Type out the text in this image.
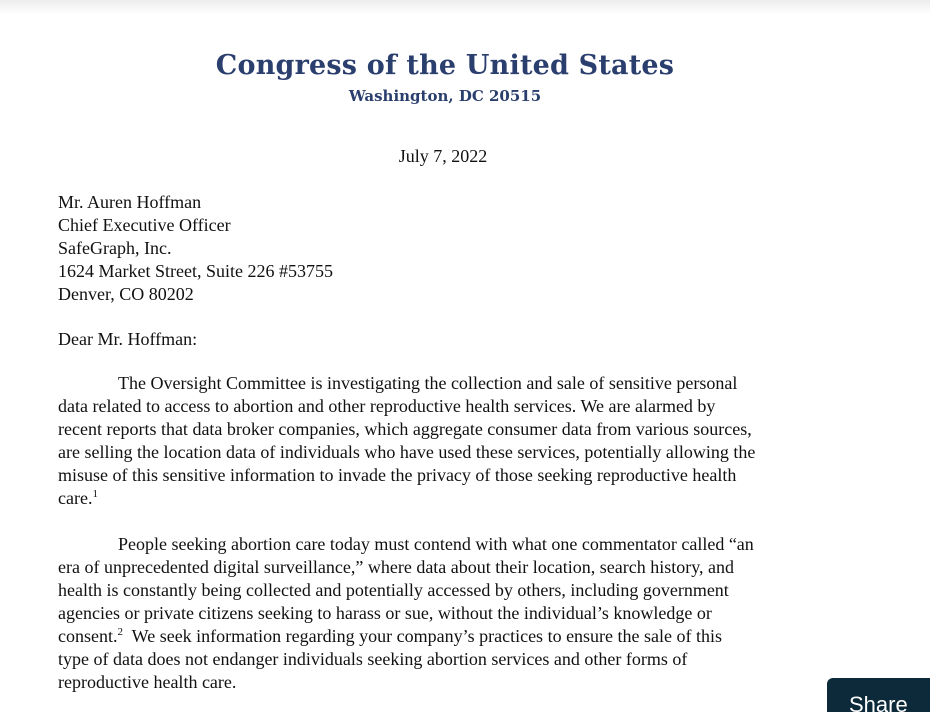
Congress of the United States
Washington, DC 20515
July 7, 2022
Mr. Auren Hoffman
Chief Executive Officer
SafeGraph, Inc.
1624 Market Street, Suite 226 #53755
Denver, CO 80202
Dear Mr. Hoffman:
The Oversight Committee is investigating the collection and sale of sensitive personal
data related to access to abortion and other reproductive health services. We are alarmed by
recent reports that data broker companies, which aggregate consumer data from various sources,
are selling the location data of individuals who have used these services, potentially allowing the
misuse of this sensitive information to invade the privacy of those seeking reproductive health
care.$^1$
People seeking abortion care today must contend with what one commentator called “an
era of unprecedented digital surveillance,” where data about their location, search history, and
health is constantly being collected and potentially accessed by others, including government
agencies or private citizens seeking to harass or sue, without the individual’s knowledge or
consent.$^2$  We seek information regarding your company’s practices to ensure the sale of this
type of data does not endanger individuals seeking abortion services and other forms of
reproductive health care.
Share
